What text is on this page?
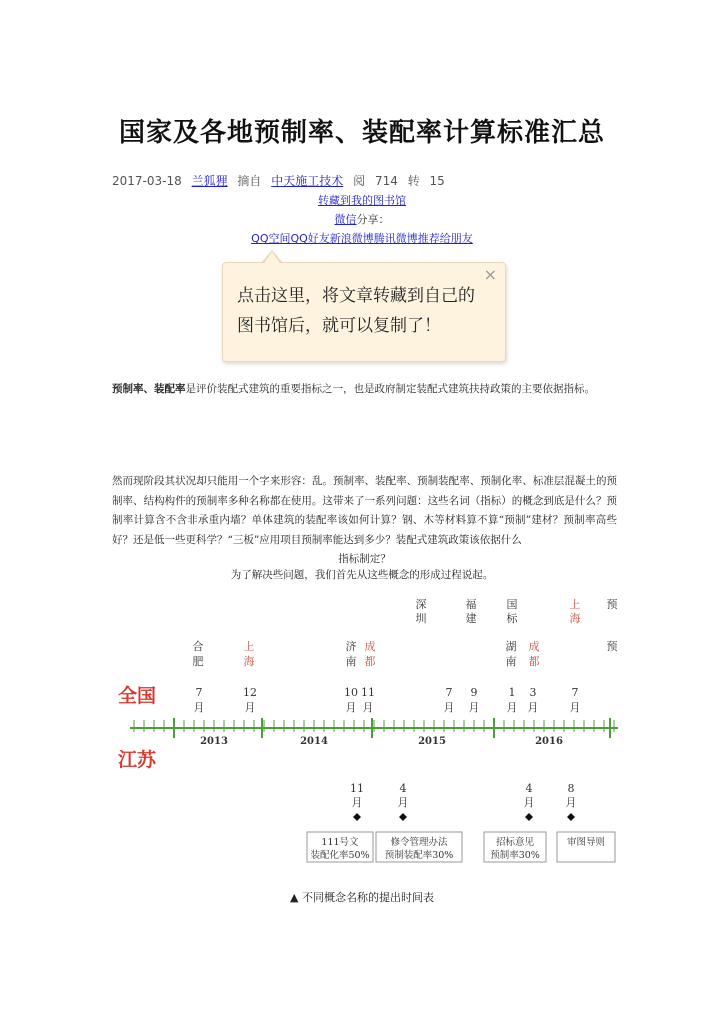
国家及各地预制率、装配率计算标准汇总
2017-03-18 兰狐狸 摘自 中天施工技术 阅 714 转 15
转藏到我的图书馆
微信分享：
QQ空间QQ好友新浪微博腾讯微博推荐给朋友
×
点击这里，将文章转藏到自己的
图书馆后，就可以复制了！
预制率、装配率是评价装配式建筑的重要指标之一，也是政府制定装配式建筑扶持政策的主要依据指标。
然而现阶段其状况却只能用一个字来形容：乱。预制率、装配率、预制装配率、预制化率、标准层混凝土的预制率、结构构件的预制率多种名称都在使用。这带来了一系列问题：这些名词（指标）的概念到底是什么？预制率计算含不含非承重内墙？单体建筑的装配率该如何计算？钢、木等材料算不算“预制”建材？预制率高些好？还是低一些更科学？“三板”应用项目预制率能达到多少？装配式建筑政策该依据什么
指标制定？
为了解决些问题，我们首先从这些概念的形成过程说起。
2013	2014	2015	2016
全国
江苏
深
圳
福
建
国
标
上
海
预
合
肥
上
海
济
南
成
都
湖
南
成
都
预
7
月
12
月
10
月
11
月
7
月
9
月
1
月
3
月
7
月
11
月
4
月
4
月
8
月
111号文
装配化率50%
修令管理办法
预制装配率30%
招标意见
预制率30%
审图导则
▲ 不同概念名称的提出时间表
